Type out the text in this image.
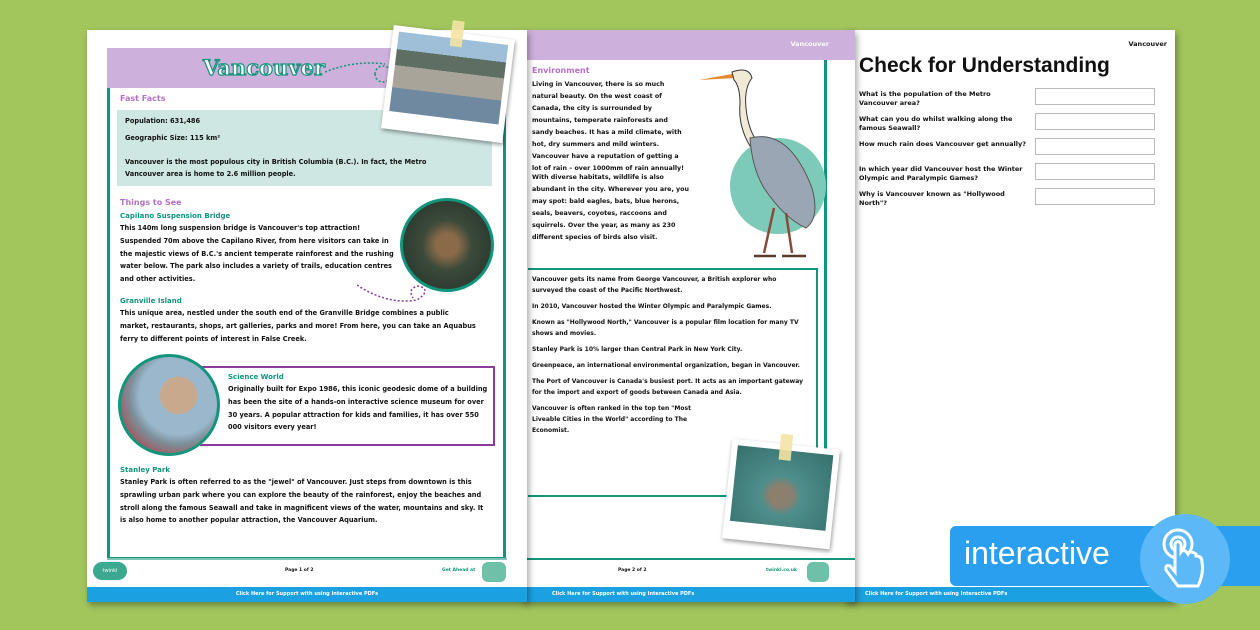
Vancouver
Check for Understanding
What is the population of the Metro Vancouver area?
What can you do whilst walking along the famous Seawall?
How much rain does Vancouver get annually?
In which year did Vancouver host the Winter Olympic and Paralympic Games?
Why is Vancouver known as "Hollywood North"?
Click Here for Support with using Interactive PDFs
Vancouver
Environment
Living in Vancouver, there is so much natural beauty. On the west coast of Canada, the city is surrounded by mountains, temperate rainforests and sandy beaches. It has a mild climate, with hot, dry summers and mild winters. Vancouver have a reputation of getting a lot of rain – over 1000mm of rain annually!
With diverse habitats, wildlife is also abundant in the city. Wherever you are, you may spot: bald eagles, bats, blue herons, seals, beavers, coyotes, raccoons and squirrels. Over the year, as many as 230 different species of birds also visit.

Vancouver gets its name from George Vancouver, a British explorer who surveyed the coast of the Pacific Northwest.

In 2010, Vancouver hosted the Winter Olympic and Paralympic Games.

Known as "Hollywood North," Vancouver is a popular film location for many TV shows and movies.

Stanley Park is 10% larger than Central Park in New York City.

Greenpeace, an international environmental organization, began in Vancouver.

The Port of Vancouver is Canada's busiest port. It acts as an important gateway for the import and export of goods between Canada and Asia.

Vancouver is often ranked in the top ten "Most Liveable Cities in the World" according to The Economist.

Page 2 of 2	twinkl.co.uk
Click Here for Support with using Interactive PDFs
Vancouver
Fast Facts
Population: 631,486
Geographic Size: 115 km²
Vancouver is the most populous city in British Columbia (B.C.). In fact, the Metro Vancouver area is home to 2.6 million people.
Things to See
Capilano Suspension Bridge
This 140m long suspension bridge is Vancouver's top attraction! Suspended 70m above the Capilano River, from here visitors can take in the majestic views of B.C.'s ancient temperate rainforest and the rushing water below. The park also includes a variety of trails, education centres and other activities.
Granville Island
This unique area, nestled under the south end of the Granville Bridge combines a public market, restaurants, shops, art galleries, parks and more! From here, you can take an Aquabus ferry to different points of interest in False Creek.
Science World
Originally built for Expo 1986, this iconic geodesic dome of a building has been the site of a hands-on interactive science museum for over 30 years. A popular attraction for kids and families, it has over 550 000 visitors every year!
Stanley Park
Stanley Park is often referred to as the "jewel" of Vancouver. Just steps from downtown is this sprawling urban park where you can explore the beauty of the rainforest, enjoy the beaches and stroll along the famous Seawall and take in magnificent views of the water, mountains and sky. It is also home to another popular attraction, the Vancouver Aquarium.
twinkl	Page 1 of 2	Get Ahead at
Click Here for Support with using Interactive PDFs
interactive
